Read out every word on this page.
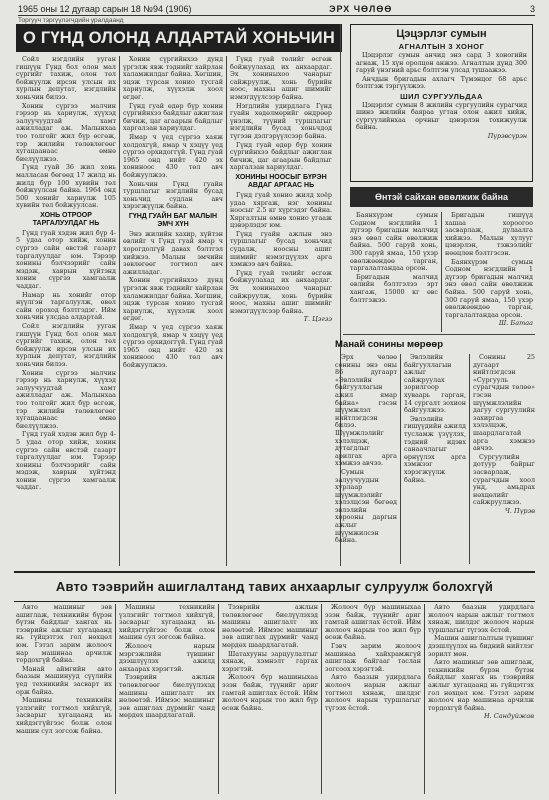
1965 оны 12 дугаар сарын 18 №94 (1906)	ЭРХ ЧӨЛӨӨ	3
Торгууч тэргүүлэгчдийн уралдаанд
О ГҮНД ОЛОНД АЛДАРТАЙ ХОНЬЧИН

Сойл нэгдлийн ууган гишүүн Гүнд бол олон мал сүргийг тахиж, олон төл бойжуулж ирсэн улсын их хурлын депутат, нэгдлийн хоньчин билээ.

Хонин сүргээ малчин гэрээр нь хариулж, хүүхэд залуучуудтай хамт ажилладаг аж. Малынхаа тоо толгойг жил бүр өсгөж, тэр жилийн төлөвлөгөөг хугацаанаас өмнө биелүүлжээ.

Гүнд гуай 36 жил хонь малласан бөгөөд 17 жилд нь жилд бүр 100 хувийн төл бойжуулсан байна. 1964 онд 500 хонийг хариулж 105 хувийн төл бойжуулсан.

ХОНЬ ОТРООР ТАРГАЛУУЛДАГ НЬ

Гүнд гуай хэдэн жил бүр 4-5 удаа отор хийж, хонин сүргээ сайн өвстэй газарт таргалуулдаг юм. Тэрээр хонины бэлчээрийг сайн мэдэж, хаврын хүйтэнд хонин сүргээ хамгаалж чаддаг.

Намар нь хонийг отор нүүлгэн таргалуулж, өвөл сайн ороход бэлтгэдэг. Ийм хоньчин улсдаа алдартай.

Сойл нэгдлийн ууган гишүүн Гүнд бол олон мал сүргийг тахиж, олон төл бойжуулж ирсэн улсын их хурлын депутат, нэгдлийн хоньчин билээ.

Хонин сүргээ малчин гэрээр нь хариулж, хүүхэд залуучуудтай хамт ажилладаг аж. Малынхаа тоо толгойг жил бүр өсгөж, тэр жилийн төлөвлөгөөг хугацаанаас өмнө биелүүлжээ.

Гүнд гуай хэдэн жил бүр 4-5 удаа отор хийж, хонин сүргээ сайн өвстэй газарт таргалуулдаг юм. Тэрээр хонины бэлчээрийг сайн мэдэж, хаврын хүйтэнд хонин сүргээ хамгаалж чаддаг.

Хонин сүргийнхээ дунд үргэлж явж тэднийг хайрлан халамжилдаг байна. Хөгшин, эцэж турсан хонио тусгай хариулж, хүүхэлж хоол өгдөг.

Гүнд гуай өдөр бүр хонин сүргийнхээ байдлыг ажиглан бичиж, цаг агаарын байдлыг харгалзан хариулдаг.

Ямар ч үед сүргээ хаяж холдохгүй, ямар ч хэцүү үед сүргээ орхидоггүй. Гүнд гуай 1965 онд нийт 420 эх хониноос 430 төл авч бойжуулжээ.

Хоньчин Гүнд гуайн туршлагыг нэгдлийн бусад хоньчид судлан авч хэрэгжүүлж байна.

ГҮНД ГУАЙН БАГ МАЛЫН ЭМЧ ХҮН

Энэ жилийн хахир, хүйтэн өвлийг ч Гүнд гуай ямар ч хорогдолгүй давах бэлтгэл хийжээ. Малын эмчийн зөвлөгөөг тогтмол авч ажилладаг.

Хонин сүргийнхээ дунд үргэлж явж тэднийг хайрлан халамжилдаг байна. Хөгшин, эцэж турсан хонио тусгай хариулж, хүүхэлж хоол өгдөг.

Ямар ч үед сүргээ хаяж холдохгүй, ямар ч хэцүү үед сүргээ орхидоггүй. Гүнд гуай 1965 онд нийт 420 эх хониноос 430 төл авч бойжуулжээ.

Гүнд гуай төлийг өсгөж бойжуулахад их анхаардаг. Эх хониныхоо чанарыг сайжруулж, хонь бүрийн ноос, махны ашиг шимийг нэмэгдүүлсээр байна.

Нэгдлийн удирдлага Гүнд гуайн хөдөлмөрийг өндрөөр үнэлж, түүний туршлагыг нэгдлийн бусад хоньчдод түгээн дэлгэрүүлсээр байна.

Гүнд гуай өдөр бүр хонин сүргийнхээ байдлыг ажиглан бичиж, цаг агаарын байдлыг харгалзан хариулдаг.

ХОНИНЫ НООСЫГ БҮРЭН АВДАГ АРГААС НЬ

Гүнд гуай хонио жилд хоёр удаа хяргаж, нэг хонины ноосыг 2.5 кг хүргэдэг байна. Хяргалтын өмнө хонио угааж цэвэрлэдэг юм.

Гүнд гуайн ажлын энэ туршлагыг бусад хоньчид судалж, ноосны ашиг шимийг нэмэгдүүлэх арга хэмжээ авч байна.

Гүнд гуай төлийг өсгөж бойжуулахад их анхаардаг. Эх хониныхоо чанарыг сайжруулж, хонь бүрийн ноос, махны ашиг шимийг нэмэгдүүлсээр байна.

Т. Цэгээ
Цэцэрлэг сумын
АГНАЛТЫН 3 ХОНОГ

Цэцэрлэг сумын анчид энэ сард 3 хоногийн агнаж, 15 хүн оролцон анжээ. Агналтын дүнд 300 гаруй үнэгний арьс бэлтгэн улсад тушаажээ.

Анчдын бригадын ахлагч Түмэнцог 68 арьс бэлтгэж тэргүүлжээ.

ШИЛ СУРГУУЛЬДАА

Цэцэрлэг сумын 8 жилийн сургуулийн сурагчид шинэ жилийн баяраа угтан олон ажил хийж, сургуулийнхаа орчныг цэвэрлэн тохижуулж байна.

Пүрэвсүрэн
Өнтэй сайхан өвөлжиж байна

Баянхүрэм сумын Содном нэгдлийн 1 дүгээр бригадын малчид энэ өвөл сайн өвөлжиж байна. 500 гаруй хонь, 300 гаруй ямаа, 150 үхэр өвөлжөөндөө тарган, таргалалтандаа орсон.

Бригадын малчид өвлийн бэлтгэлээ эрт хангаж, 15000 кг өвс бэлтгэжээ.

Бригадын гишүүд хашаа хороогоо засварлаж, дулаалга хийжээ. Малын хулууг цэвэрлэн, тэжээлийг нөөцлөн бэлтгэсэн.

Баянхүрэм сумын Содном нэгдлийн 1 дүгээр бригадын малчид энэ өвөл сайн өвөлжиж байна. 500 гаруй хонь, 300 гаруй ямаа, 150 үхэр өвөлжөөндөө тарган, таргалалтандаа орсон.

Ш. Батаа
Манай сонины мөрөөр

Эрх чөлөө сонины энэ оны 86 дугаарт «Эвлэлийн байгууллагын ажил ямар байна» гэсэн шүүмжлэл нийтлэгдсэн билээ. Шүүмжлэлийг хэлэлцэж, дутагдлыг арилгах арга хэмжээ авчээ.

Сумын залуучуудын хурлаар шүүмжлэлийг хэлэлцсэн бөгөөд эвлэлийн хорооны даргын ажлыг шүүмжилсэн байна.

Эвлэлийн байгууллагын ажлыг сайжруулах зорилгоор хуваарь гарган, 14 сургалт зохион байгуулжээ.

Эвлэлийн гишүүдийн ажилд тусламж үзүүлэх, тэдний идэвх санаачлагыг өрнүүлэх арга хэмжээг хэрэгжүүлж байна.

Сонины 25 дугаарт нийтлэгдсэн «Сургууль сурагчдын төлөө» гэсэн шүүмжлэлийн дагуу сургуулийн захиргаа хэлэлцэж, шаардлагатай арга хэмжээ авчээ.

Сургуулийн дотуур байрыг засварлаж, сурагчдын хоол унд, амьдрах нөхцөлийг сайжруулжээ.

Ч. Пүрэв
Авто тээврийн ашиглалтанд тавих анхаарлыг сулруулж болохгүй

Авто машиныг зөв ашиглаж, техникийн бүрэн бүтэн байдлыг хангах нь тээврийн ажлыг хугацаанд нь гүйцэтгэх гол нөхцөл юм. Гэтэл зарим жолооч нар машинаа арчилж тордохгүй байна.

Манай аймгийн авто баазын машинууд сүүлийн үед техникийн засварт их орж байна.

Машины техникийн үзлэгийг тогтмол хийхгүй, засварыг хугацаанд нь хийдэггүйгээс болж олон машин сул зогсож байна.

Машины техникийн үзлэгийг тогтмол хийхгүй, засварыг хугацаанд нь хийдэггүйгээс болж олон машин сул зогсож байна.

Жолооч нарын мэргэжлийн түвшинг дээшлүүлэх ажилд анхаарах хэрэгтэй.

Тээврийн ажлын төлөвлөгөөг биелүүлэхэд машины ашиглалт их нөлөөтэй. Иймээс машиныг зөв ашиглах дүрмийг чанд мөрдөх шаардлагатай.

Тээврийн ажлын төлөвлөгөөг биелүүлэхэд машины ашиглалт их нөлөөтэй. Иймээс машиныг зөв ашиглах дүрмийг чанд мөрдөх шаардлагатай.

Шатахууны зарцуулалтыг хянаж, хэмнэлт гаргах хэрэгтэй.

Жолооч бүр машиныхаа эзэн байж, түүнийг ариг гамтай ашиглах ёстой. Ийм жолооч нарын тоо жил бүр өсөж байна.

Жолооч бүр машиныхаа эзэн байж, түүнийг ариг гамтай ашиглах ёстой. Ийм жолооч нарын тоо жил бүр өсөж байна.

Гэвч зарим жолооч машинаа хайхрамжгүй ашиглаж байгааг таслан зогсоох хэрэгтэй.

Авто баазын удирдлага жолооч нарын ажлыг тогтмол хянаж, шилдэг жолооч нарын туршлагыг түгээх ёстой.

Авто баазын удирдлага жолооч нарын ажлыг тогтмол хянаж, шилдэг жолооч нарын туршлагыг түгээх ёстой.

Машин ашиглалтын түвшинг дээшлүүлэх нь бидний нийтлэг зорилт мөн.

Авто машиныг зөв ашиглаж, техникийн бүрэн бүтэн байдлыг хангах нь тээврийн ажлыг хугацаанд нь гүйцэтгэх гол нөхцөл юм. Гэтэл зарим жолооч нар машинаа арчилж тордохгүй байна.

Н. Сандуйжав
